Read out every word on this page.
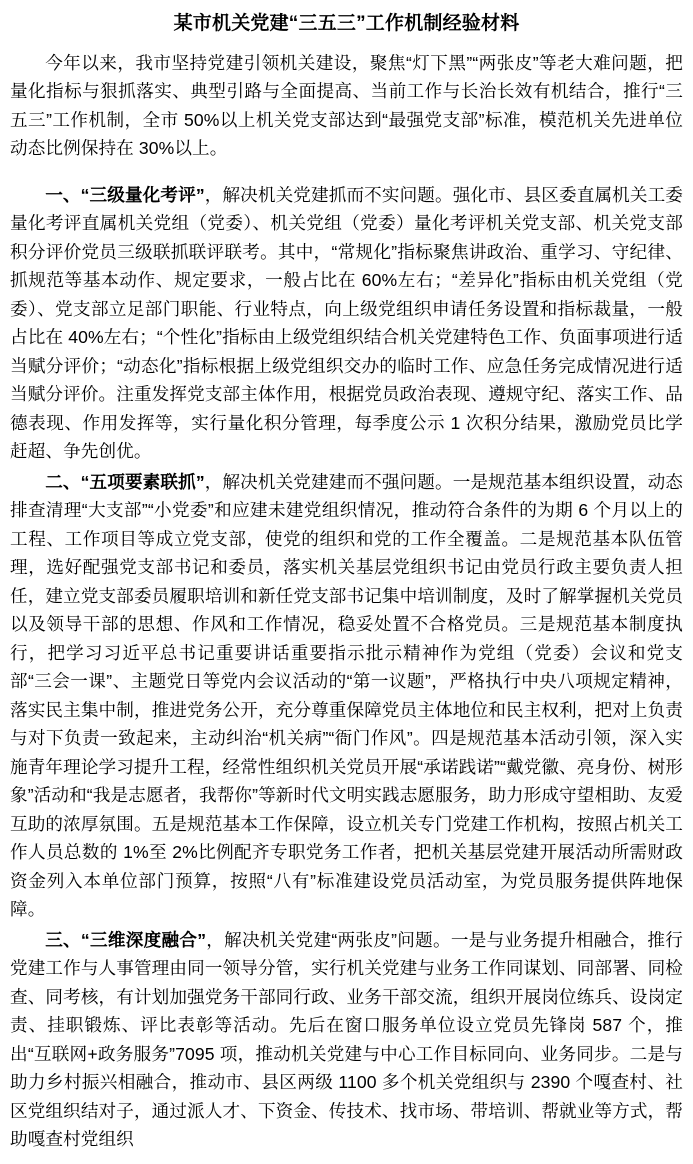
某市机关党建“三五三”工作机制经验材料

今年以来，我市坚持党建引领机关建设，聚焦“灯下黑”“两张皮”等老大难问题，把量化指标与狠抓落实、典型引路与全面提高、当前工作与长治长效有机结合，推行“三五三”工作机制，全市 50%以上机关党支部达到“最强党支部”标准，模范机关先进单位动态比例保持在 30%以上。

一、“三级量化考评”，解决机关党建抓而不实问题。强化市、县区委直属机关工委量化考评直属机关党组（党委）、机关党组（党委）量化考评机关党支部、机关党支部积分评价党员三级联抓联评联考。其中，“常规化”指标聚焦讲政治、重学习、守纪律、抓规范等基本动作、规定要求，一般占比在 60%左右；“差异化”指标由机关党组（党委）、党支部立足部门职能、行业特点，向上级党组织申请任务设置和指标裁量，一般占比在 40%左右；“个性化”指标由上级党组织结合机关党建特色工作、负面事项进行适当赋分评价；“动态化”指标根据上级党组织交办的临时工作、应急任务完成情况进行适当赋分评价。注重发挥党支部主体作用，根据党员政治表现、遵规守纪、落实工作、品德表现、作用发挥等，实行量化积分管理，每季度公示 1 次积分结果，激励党员比学赶超、争先创优。

二、“五项要素联抓”，解决机关党建建而不强问题。一是规范基本组织设置，动态排查清理“大支部”“小党委”和应建未建党组织情况，推动符合条件的为期 6 个月以上的工程、工作项目等成立党支部，使党的组织和党的工作全覆盖。二是规范基本队伍管理，选好配强党支部书记和委员，落实机关基层党组织书记由党员行政主要负责人担任，建立党支部委员履职培训和新任党支部书记集中培训制度，及时了解掌握机关党员以及领导干部的思想、作风和工作情况，稳妥处置不合格党员。三是规范基本制度执行，把学习习近平总书记重要讲话重要指示批示精神作为党组（党委）会议和党支部“三会一课”、主题党日等党内会议活动的“第一议题”，严格执行中央八项规定精神，落实民主集中制，推进党务公开，充分尊重保障党员主体地位和民主权利，把对上负责与对下负责一致起来，主动纠治“机关病”“衙门作风”。四是规范基本活动引领，深入实施青年理论学习提升工程，经常性组织机关党员开展“承诺践诺”“戴党徽、亮身份、树形象”活动和“我是志愿者，我帮你”等新时代文明实践志愿服务，助力形成守望相助、友爱互助的浓厚氛围。五是规范基本工作保障，设立机关专门党建工作机构，按照占机关工作人员总数的 1%至 2%比例配齐专职党务工作者，把机关基层党建开展活动所需财政资金列入本单位部门预算，按照“八有”标准建设党员活动室，为党员服务提供阵地保障。

三、“三维深度融合”，解决机关党建“两张皮”问题。一是与业务提升相融合，推行党建工作与人事管理由同一领导分管，实行机关党建与业务工作同谋划、同部署、同检查、同考核，有计划加强党务干部同行政、业务干部交流，组织开展岗位练兵、设岗定责、挂职锻炼、评比表彰等活动。先后在窗口服务单位设立党员先锋岗 587 个，推出“互联网+政务服务”7095 项，推动机关党建与中心工作目标同向、业务同步。二是与助力乡村振兴相融合，推动市、县区两级 1100 多个机关党组织与 2390 个嘎查村、社区党组织结对子，通过派人才、下资金、传技术、找市场、带培训、帮就业等方式，帮助嘎查村党组织
